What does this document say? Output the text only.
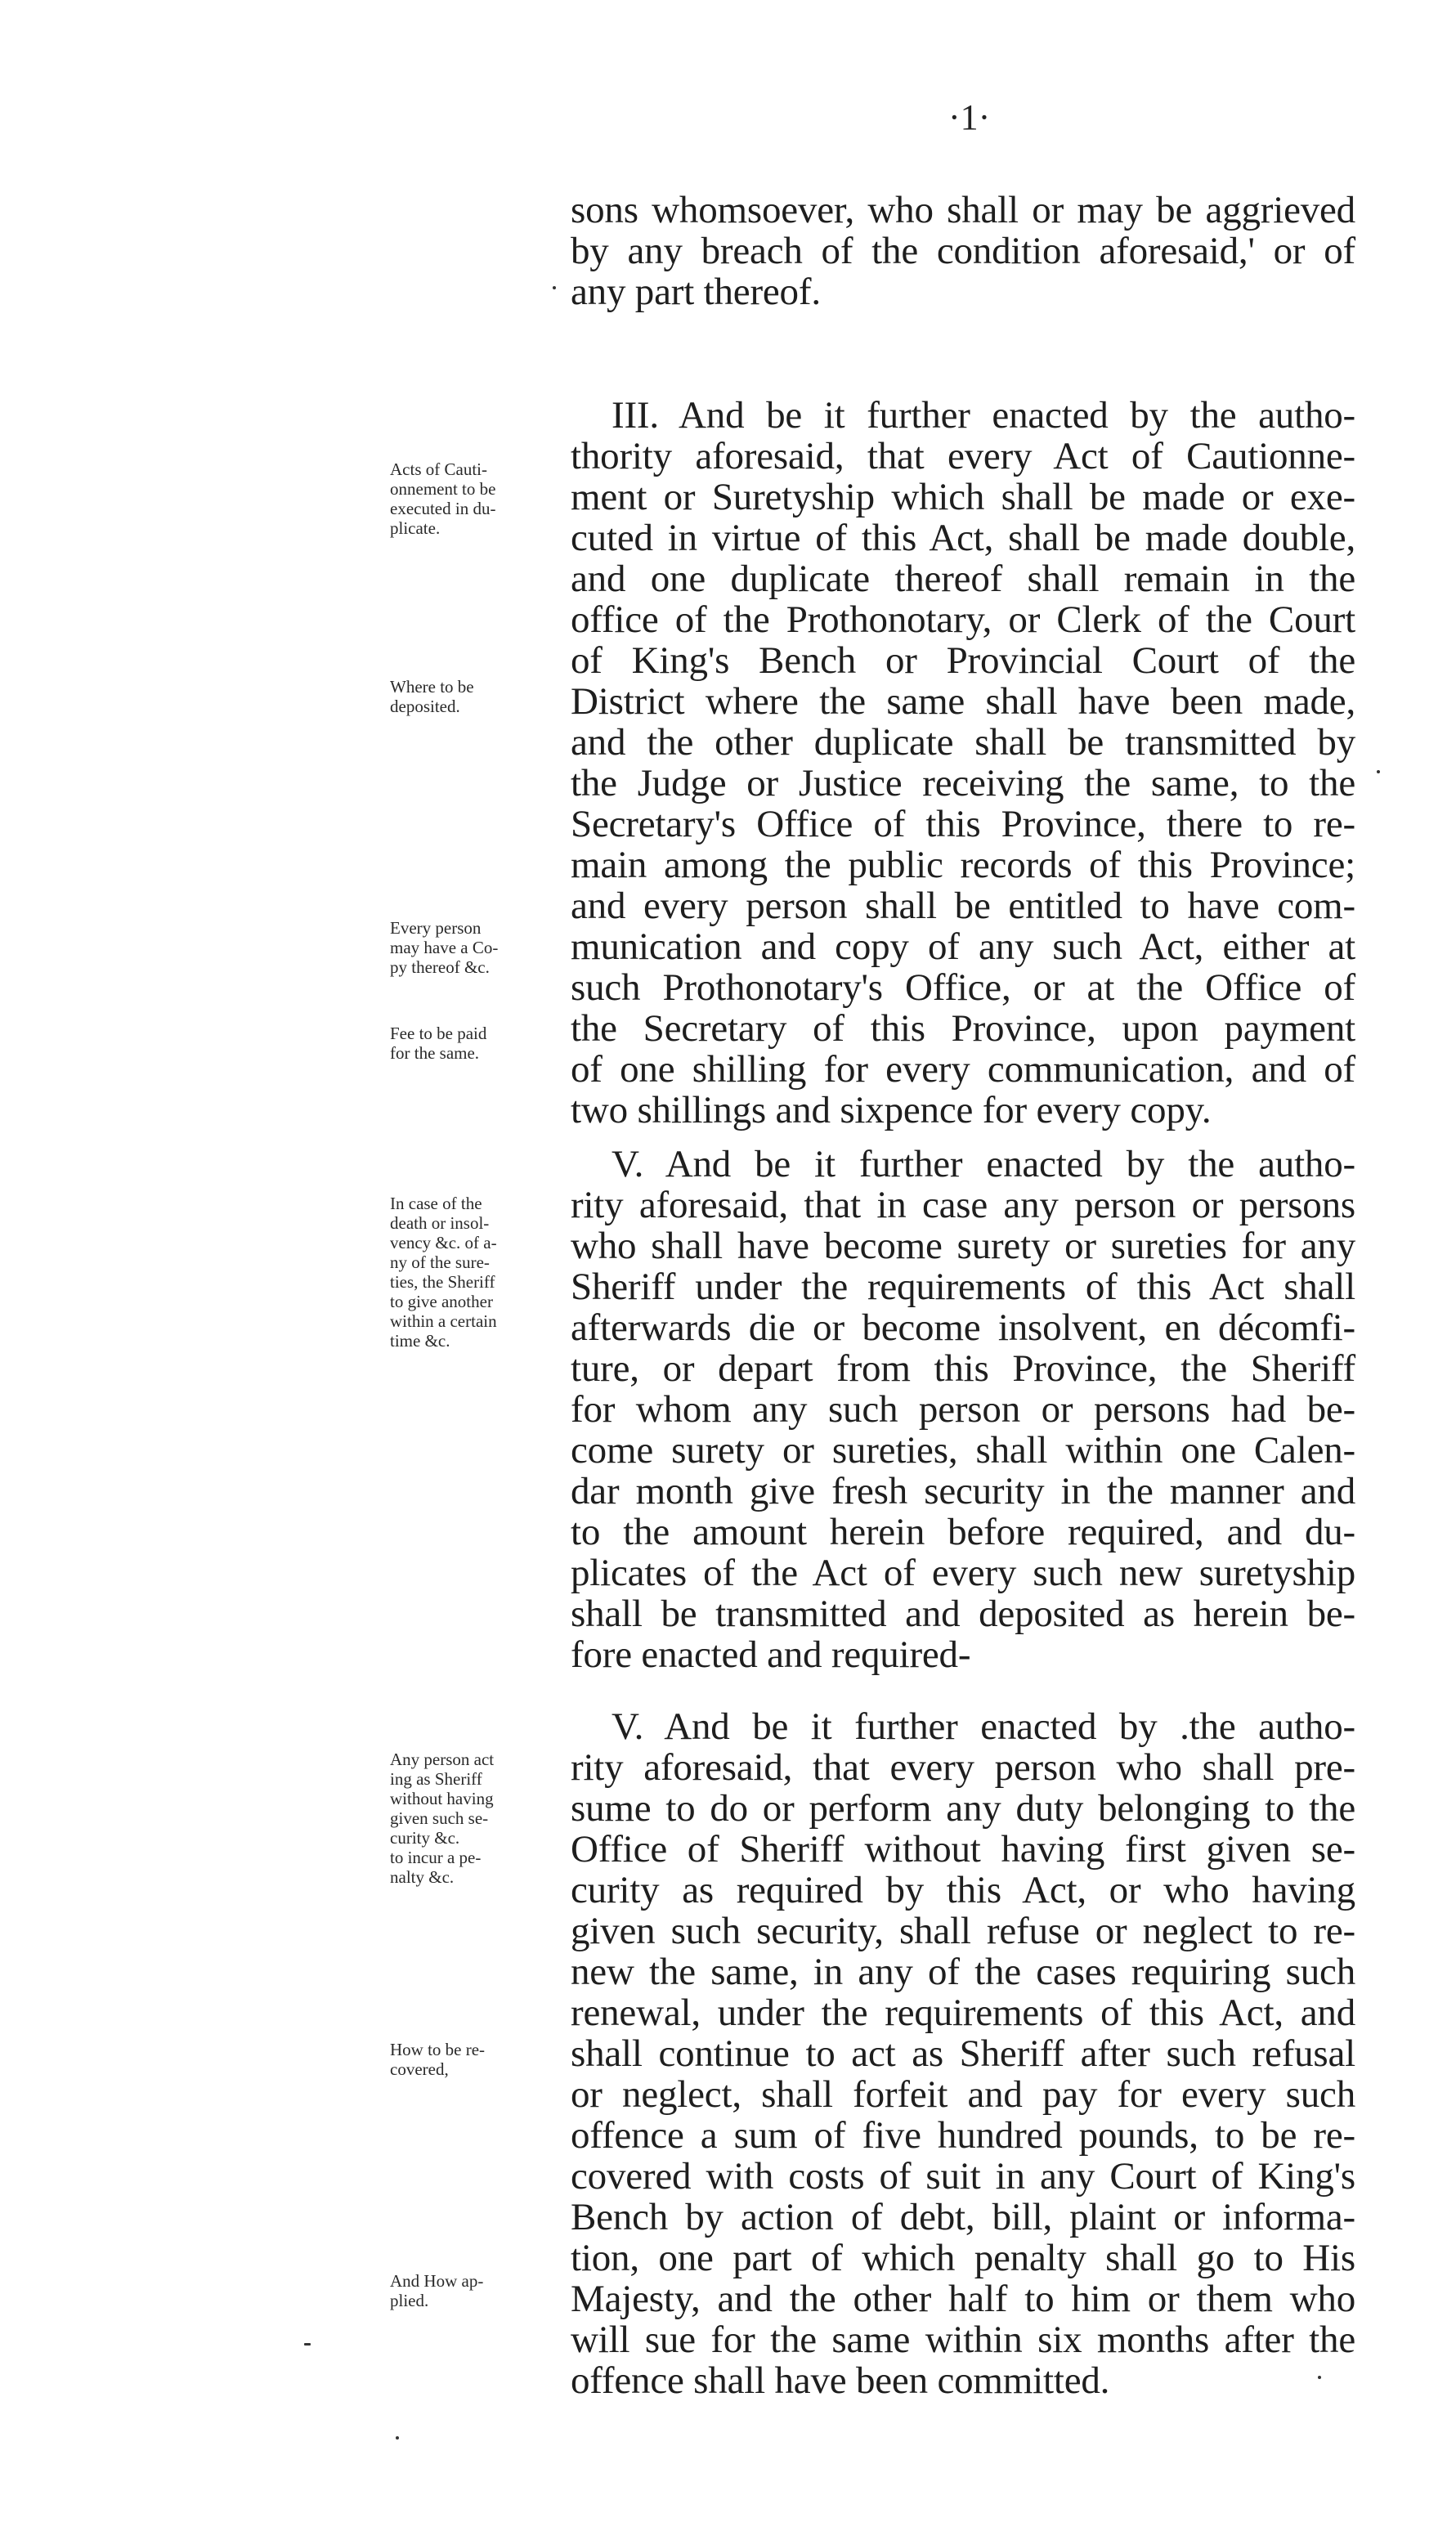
·1·
sons whomsoever, who shall or may be aggrieved
by any breach of the condition aforesaid,' or of
any part thereof.
III. And be it further enacted by the autho-
thority aforesaid, that every Act of Cautionne-
ment or Suretyship which shall be made or exe-
cuted in virtue of this Act, shall be made double,
and one duplicate thereof shall remain in the
office of the Prothonotary, or Clerk of the Court
of King's Bench or Provincial Court of the
District where the same shall have been made,
and the other duplicate shall be transmitted by
the Judge or Justice receiving the same, to the
Secretary's Office of this Province, there to re-
main among the public records of this Province;
and every person shall be entitled to have com-
munication and copy of any such Act, either at
such Prothonotary's Office, or at the Office of
the Secretary of this Province, upon payment
of one shilling for every communication, and of
two shillings and sixpence for every copy.
V. And be it further enacted by the autho-
rity aforesaid, that in case any person or persons
who shall have become surety or sureties for any
Sheriff under the requirements of this Act shall
afterwards die or become insolvent, en décomfi-
ture, or depart from this Province, the Sheriff
for whom any such person or persons had be-
come surety or sureties, shall within one Calen-
dar month give fresh security in the manner and
to the amount herein before required, and du-
plicates of the Act of every such new suretyship
shall be transmitted and deposited as herein be-
fore enacted and required-
V. And be it further enacted by .the autho-
rity aforesaid, that every person who shall pre-
sume to do or perform any duty belonging to the
Office of Sheriff without having first given se-
curity as required by this Act, or who having
given such security, shall refuse or neglect to re-
new the same, in any of the cases requiring such
renewal, under the requirements of this Act, and
shall continue to act as Sheriff after such refusal
or neglect, shall forfeit and pay for every such
offence a sum of five hundred pounds, to be re-
covered with costs of suit in any Court of King's
Bench by action of debt, bill, plaint or informa-
tion, one part of which penalty shall go to His
Majesty, and the other half to him or them who
will sue for the same within six months after the
offence shall have been committed.
Acts of Cauti-
onnement to be
executed in du-
plicate.
Where to be
deposited.
Every person
may have a Co-
py thereof &c.
Fee to be paid
for the same.
In case of the
death or insol-
vency &c. of a-
ny of the sure-
ties, the Sheriff
to give another
within a certain
time &c.
Any person act
ing as Sheriff
without having
given such se-
curity &c.
to incur a pe-
nalty &c.
How to be re-
covered,
And How ap-
plied.
